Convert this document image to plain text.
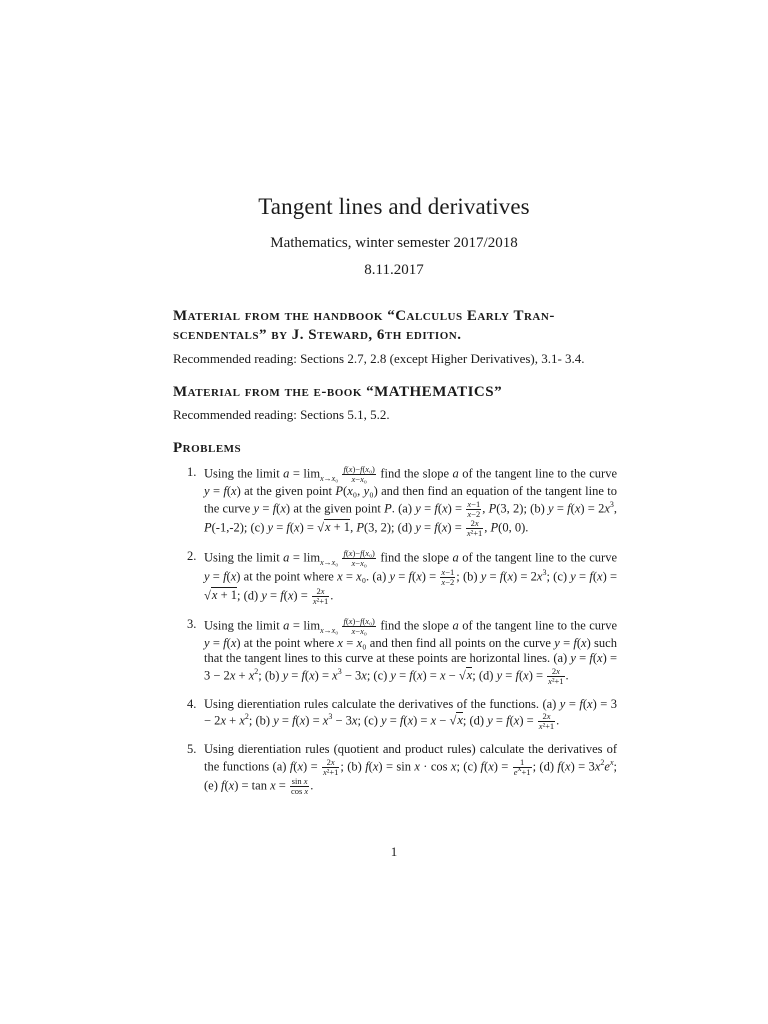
Tangent lines and derivatives
Mathematics, winter semester 2017/2018
8.11.2017
Material from the handbook “Calculus Early Tran-
scendentals” by J. Steward, 6th edition.
Recommended reading: Sections 2.7, 2.8 (except Higher Derivatives), 3.1- 3.4.
Material from the e-book “MATHEMATICS”
Recommended reading: Sections 5.1, 5.2.
Problems
1. Using the limit $a = \lim_{x\to x_0} \frac{\text{f(x)−f(x₀)}}{\text{x−x₀}}$ find the slope a of the tangent line to the curve y = f(x) at the given point P(x₀, y₀) and then find an equation of the tangent line to the curve y = f(x) at the given point P. (a) $y = f(x) = \frac{x-1}{x-2}$ , P(3, 2); (b) $y = f(x) = 2x^3$, P(-1,-2); (c) y = f(x) = √x + 1, P(3, 2); (d) $y = f(x) = \frac{2x}{\text{x²+1}}$ , P(0, 0).
2. Using the limit $a = \lim_{x\to x_0} \frac{\text{f(x)−f(x₀)}}{\text{x−x₀}}$ find the slope a of the tangent line to the curve y = f(x) at the point where x = x₀. (a) $y = f(x) = \frac{x-1}{x-2}$ ; (b) $y = f(x) = 2x^3$; (c) y = f(x) = √x + 1; (d) $y = f(x) = \frac{2x}{\text{x²+1}}$ .
3. Using the limit $a = \lim_{x\to x_0} \frac{\text{f(x)−f(x₀)}}{\text{x−x₀}}$ find the slope a of the tangent line to the curve y = f(x) at the point where x = x₀ and then find all points on the curve y = f(x) such that the tangent lines to this curve at these points are horizontal lines. (a) $y = f(x) = 3 - 2x + x^2$; (b) $y = f(x) = x^3 - 3x$; (c) y = f(x) = x − √x; (d) $y = f(x) = \frac{2x}{\text{x²+1}}$ .
4. Using dierentiation rules calculate the derivatives of the functions. (a) $y = f(x) = 3 - 2x + x^2$; (b) $y = f(x) = x^3 - 3x$; (c) y = f(x) = x − √x; (d) $y = f(x) = \frac{2x}{\text{x²+1}}$ .
5. Using dierentiation rules (quotient and product rules) calculate the derivatives of the functions (a) $f(x) = \frac{2x}{\text{x²+1}}$ ; (b) f(x) = sin x · cos x; (c) $f(x) = \frac{1}{e^x+1}$ ; (d) $f(x) = 3x^2e^x$; (e) $f(x) = \tan x = \frac{\text{sin x}}{\text{cos x}}$ .
1
